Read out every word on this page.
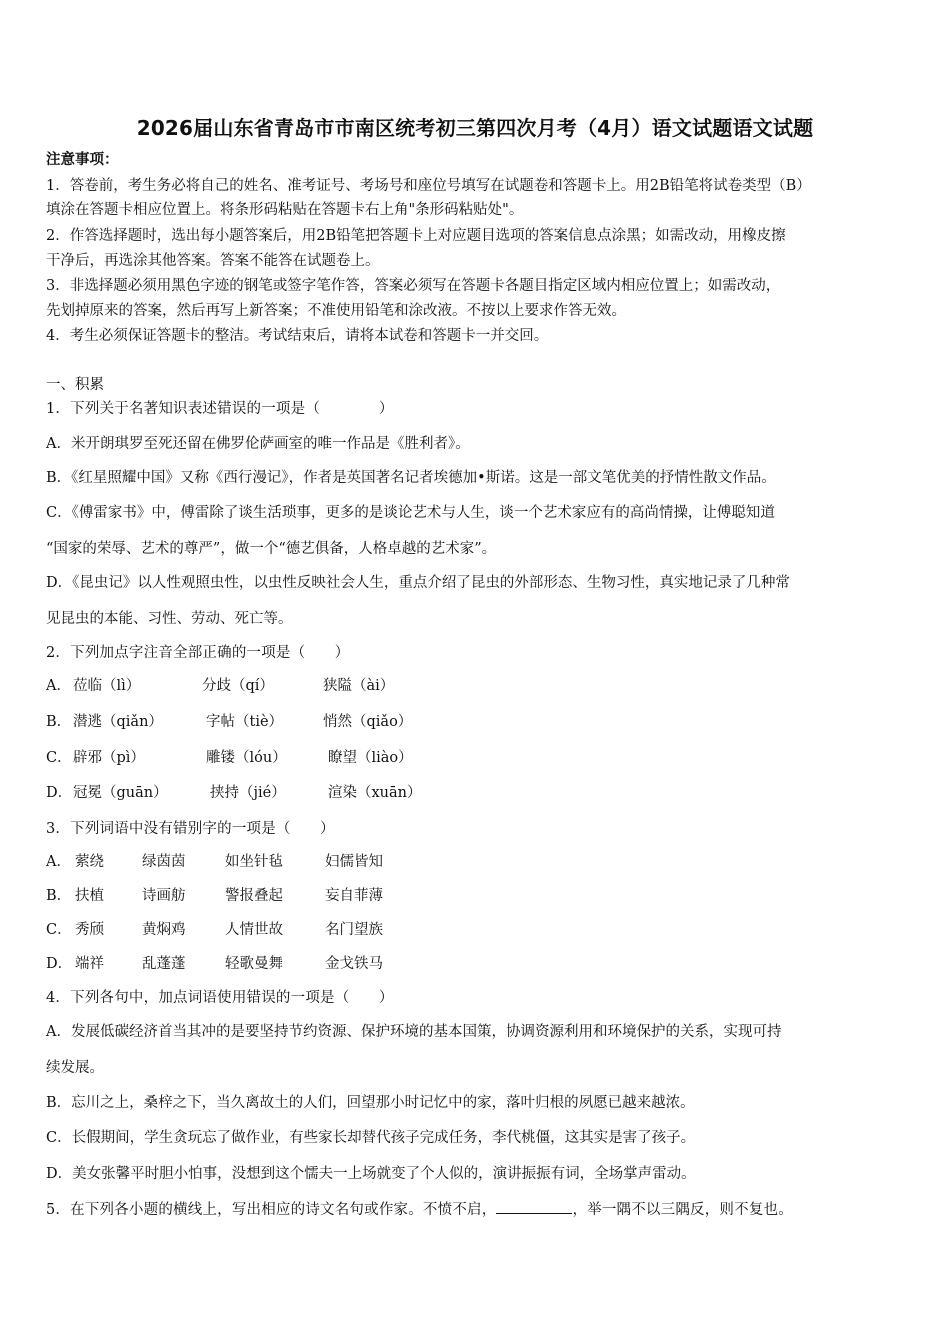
2026届山东省青岛市市南区统考初三第四次月考（4月）语文试题语文试题
注意事项：
1．答卷前，考生务必将自己的姓名、准考证号、考场号和座位号填写在试题卷和答题卡上。用2B铅笔将试卷类型（B）
填涂在答题卡相应位置上。将条形码粘贴在答题卡右上角"条形码粘贴处"。
2．作答选择题时，选出每小题答案后，用2B铅笔把答题卡上对应题目选项的答案信息点涂黑；如需改动，用橡皮擦
干净后，再选涂其他答案。答案不能答在试题卷上。
3．非选择题必须用黑色字迹的钢笔或签字笔作答，答案必须写在答题卡各题目指定区域内相应位置上；如需改动，
先划掉原来的答案，然后再写上新答案；不准使用铅笔和涂改液。不按以上要求作答无效。
4．考生必须保证答题卡的整洁。考试结束后，请将本试卷和答题卡一并交回。
一、积累
1．下列关于名著知识表述错误的一项是（　　　　）
A．米开朗琪罗至死还留在佛罗伦萨画室的唯一作品是《胜利者》。
B．《红星照耀中国》又称《西行漫记》，作者是英国著名记者埃德加•斯诺。这是一部文笔优美的抒情性散文作品。
C．《傅雷家书》中，傅雷除了谈生活琐事，更多的是谈论艺术与人生，谈一个艺术家应有的高尚情操，让傅聪知道
“国家的荣辱、艺术的尊严”，做一个“德艺俱备，人格卓越的艺术家”。
D．《昆虫记》以人性观照虫性，以虫性反映社会人生，重点介绍了昆虫的外部形态、生物习性，真实地记录了几种常
见昆虫的本能、习性、劳动、死亡等。
2．下列加点字注音全部正确的一项是（　　）
A． 莅临（lì）	分歧（qí）	狭隘（ài）
B． 潜逃（qiǎn）	字帖（tiè）	悄然（qiǎo）
C． 辟邪（pì）	雕镂（lóu）	瞭望（liào）
D． 冠冕（guān）	挟持（jié）	渲染（xuān）
3．下列词语中没有错别字的一项是（　　）
A． 萦绕	绿茵茵	如坐针毡	妇儒皆知
B． 扶植	诗画舫	警报叠起	妄自菲薄
C． 秀颀	黄焖鸡	人情世故	名门望族
D． 端祥	乱蓬蓬	轻歌曼舞	金戈铁马
4．下列各句中，加点词语使用错误的一项是（　　）
A．发展低碳经济首当其冲的是要坚持节约资源、保护环境的基本国策，协调资源利用和环境保护的关系，实现可持
续发展。
B．忘川之上，桑梓之下，当久离故土的人们，回望那小时记忆中的家，落叶归根的夙愿已越来越浓。
C．长假期间，学生贪玩忘了做作业，有些家长却替代孩子完成任务，李代桃僵，这其实是害了孩子。
D．美女张馨平时胆小怕事，没想到这个懦夫一上场就变了个人似的，演讲振振有词，全场掌声雷动。
5．在下列各小题的横线上，写出相应的诗文名句或作家。不愤不启，	，举一隅不以三隅反，则不复也。
